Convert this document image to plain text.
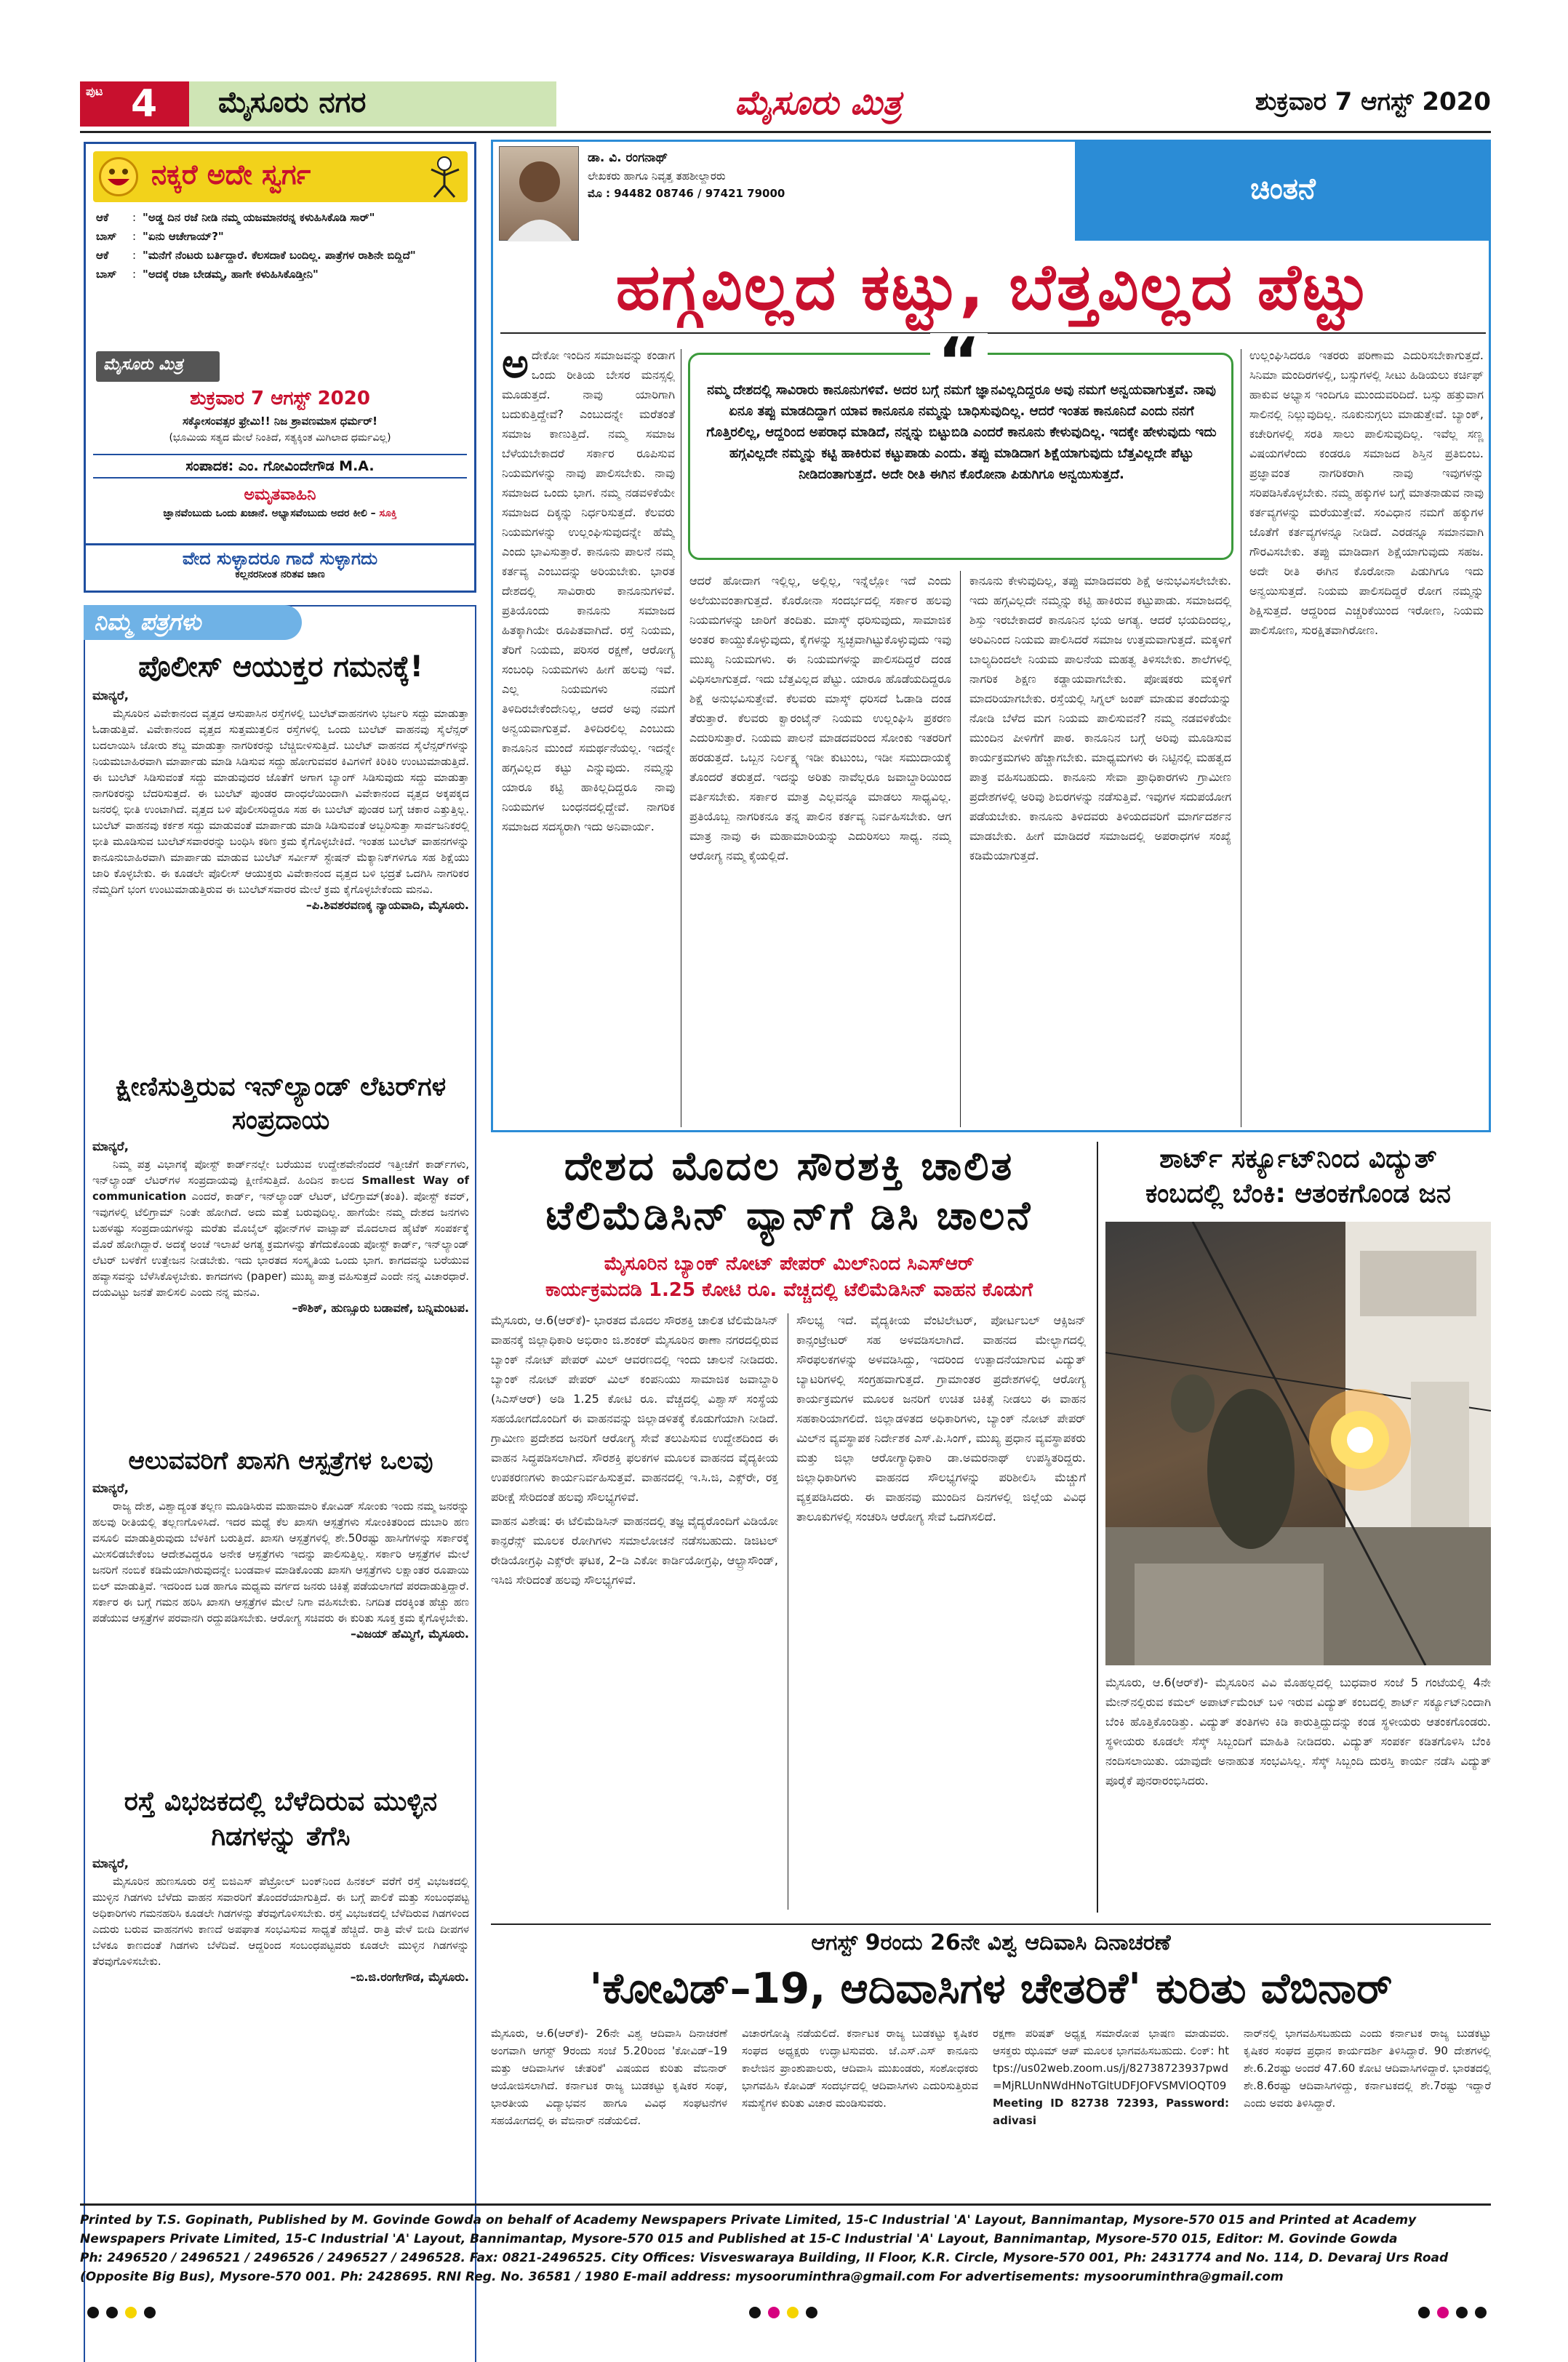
ಪುಟ 4 ಮೈಸೂರು ನಗರ	ಮೈಸೂರು ಮಿತ್ರ	ಶುಕ್ರವಾರ 7 ಆಗಸ್ಟ್ 2020
ನಕ್ಕರೆ ಅದೇ ಸ್ವರ್ಗ
ಆಕೆ	: "ಅಡ್ಡ ದಿನ ರಜೆ ನೀಡಿ ನಮ್ಮ ಯಜಮಾನರನ್ನ ಕಳುಹಿಸಿಕೊಡಿ ಸಾರ್"
ಬಾಸ್	: "ಏನು ಆಚೇಗಾಯ್?"
ಆಕೆ	: "ಮನೆಗೆ ನೆಂಟರು ಬರ್ತಿದ್ದಾರೆ. ಕೆಲಸದಾಕೆ ಬಂದಿಲ್ಲ. ಪಾತ್ರೆಗಳ ರಾಶಿನೇ ಬಿದ್ದಿದೆ"
ಬಾಸ್	: "ಅದಕ್ಕೆ ರಜಾ ಬೇಡಮ್ಮ, ಹಾಗೇ ಕಳುಹಿಸಿಕೊಡ್ತೀನಿ"
ಮೈಸೂರು ಮಿತ್ರ
ಶುಕ್ರವಾರ 7 ಆಗಸ್ಟ್ 2020
ಸಕ್ಕೋಸಂವತ್ಸರ ಫ್ರೇಮಿ!! ನಿಜ ಶ್ರಾವಣಮಾಸ ಧರ್ಮರ್!
(ಭೂಮಿಯ ಸತ್ಯದ ಮೇಲೆ ನಿಂತಿದೆ, ಸತ್ಯಕ್ಕಿಂತ ಮಿಗಿಲಾದ ಧರ್ಮವಿಲ್ಲ)
ಸಂಪಾದಕ: ಎಂ. ಗೋವಿಂದೇಗೌಡ M.A.
ಅಮೃತವಾಹಿನಿ
ಜ್ಞಾನವೆಂಬುದು ಒಂದು ಖಜಾನೆ. ಅಭ್ಯಾಸವೆಂಬುದು ಅದರ ಕೀಲಿ – ಸೂಕ್ತಿ
ವೇದ ಸುಳ್ಳಾದರೂ ಗಾದೆ ಸುಳ್ಳಾಗದು
ಕಲ್ಲನರನೀಂತ ನರಿತವ ಜಾಣ
ನಿಮ್ಮ ಪತ್ರಗಳು
ಪೊಲೀಸ್ ಆಯುಕ್ತರ ಗಮನಕ್ಕೆ!
ಮಾನ್ಯರೆ,
ಮೈಸೂರಿನ ವಿವೇಕಾನಂದ ವೃತ್ತದ ಆಸುಪಾಸಿನ ರಸ್ತೆಗಳಲ್ಲಿ ಬುಲೆಟ್‌ವಾಹನಗಳು ಭರ್ಜರಿ ಸದ್ದು ಮಾಡುತ್ತಾ ಓಡಾಡುತ್ತಿವೆ. ವಿವೇಕಾನಂದ ವೃತ್ತದ ಸುತ್ತಮುತ್ತಲಿನ ರಸ್ತೆಗಳಲ್ಲಿ ಒಂದು ಬುಲೆಟ್ ವಾಹನವು ಸೈಲೆನ್ಸರ್ ಬದಲಾಯಿಸಿ ಜೋರು ಶಬ್ದ ಮಾಡುತ್ತಾ ನಾಗರಿಕರನ್ನು ಬೆಚ್ಚಿಬೀಳಿಸುತ್ತಿದೆ. ಬುಲೆಟ್ ವಾಹನದ ಸೈಲೆನ್ಸರ್‌ಗಳನ್ನು ನಿಯಮಬಾಹಿರವಾಗಿ ಮಾರ್ಪಾಡು ಮಾಡಿ ಸಿಡಿಸುವ ಸದ್ದು ಹೋಗುವವರ ಕಿವಿಗಳಿಗೆ ಕಿರಿಕಿರಿ ಉಂಟುಮಾಡುತ್ತಿದೆ. ಈ ಬುಲೆಟ್ ಸಿಡಿಸುವಂತೆ ಸದ್ದು ಮಾಡುವುದರ ಜೊತೆಗೆ ಅಗಾಗ ಬ್ಯಾಂಗ್ ಸಿಡಿಸುವುದು ಸದ್ದು ಮಾಡುತ್ತಾ ನಾಗರಿಕರನ್ನು ಬೆದರಿಸುತ್ತದೆ. ಈ ಬುಲೆಟ್ ಪುಂಡರ ದಾಂಧಲೆಯಿಂದಾಗಿ ವಿವೇಕಾನಂದ ವೃತ್ತದ ಅಕ್ಕಪಕ್ಕದ ಜನರಲ್ಲಿ ಭೀತಿ ಉಂಟಾಗಿದೆ. ವೃತ್ತದ ಬಳಿ ಪೊಲೀಸರಿದ್ದರೂ ಸಹ ಈ ಬುಲೆಟ್ ಪುಂಡರ ಬಗ್ಗೆ ಚಕಾರ ಎತ್ತುತ್ತಿಲ್ಲ. ಬುಲೆಟ್ ವಾಹನವು ಕರ್ಕಶ ಸದ್ದು ಮಾಡುವಂತೆ ಮಾರ್ಪಾಡು ಮಾಡಿ ಸಿಡಿಸುವಂತೆ ಅಬ್ಬರಿಸುತ್ತಾ ಸಾರ್ವಜನಿಕರಲ್ಲಿ ಭೀತಿ ಮೂಡಿಸುವ ಬುಲೆಟ್‌ಸವಾರರನ್ನು ಬಂಧಿಸಿ ಕಠಿಣ ಕ್ರಮ ಕೈಗೊಳ್ಳಬೇಕಿದೆ. ಇಂತಹ ಬುಲೆಟ್ ವಾಹನಗಳನ್ನು ಕಾನೂನುಬಾಹಿರವಾಗಿ ಮಾರ್ಪಾಡು ಮಾಡುವ ಬುಲೆಟ್ ಸರ್ವೀಸ್ ಸ್ಟೇಷನ್ ಮೆಕ್ಯಾನಿಕ್‌ಗಳಿಗೂ ಸಹ ಶಿಕ್ಷೆಯು ಜಾರಿ ಕೊಳ್ಳಬೇಕು. ಈ ಕೂಡಲೇ ಪೊಲೀಸ್ ಆಯುಕ್ತರು ವಿವೇಕಾನಂದ ವೃತ್ತದ ಬಳಿ ಭದ್ರತೆ ಒದಗಿಸಿ ನಾಗರಿಕರ ನೆಮ್ಮದಿಗೆ ಭಂಗ ಉಂಟುಮಾಡುತ್ತಿರುವ ಈ ಬುಲೆಟ್‌ಸವಾರರ ಮೇಲೆ ಕ್ರಮ ಕೈಗೊಳ್ಳಬೇಕೆಂದು ಮನವಿ.
–ಪಿ.ಶಿವಶರವಣಕ್ಕ ನ್ಯಾಯವಾದಿ, ಮೈಸೂರು.
ಕ್ಷೀಣಿಸುತ್ತಿರುವ ಇನ್‌ಲ್ಯಾಂಡ್ ಲೆಟರ್‌ಗಳ ಸಂಪ್ರದಾಯ
ಮಾನ್ಯರೆ,
ನಿಮ್ಮ ಪತ್ರ ವಿಭಾಗಕ್ಕೆ ಪೋಸ್ಟ್ ಕಾರ್ಡ್‌ನಲ್ಲೇ ಬರೆಯುವ ಉದ್ದೇಶವೇನೆಂದರೆ ಇತ್ತೀಚೆಗೆ ಕಾರ್ಡ್‌ಗಳು, ಇನ್‌ಲ್ಯಾಂಡ್ ಲೆಟರ್‌ಗಳ ಸಂಪ್ರದಾಯವು ಕ್ಷೀಣಿಸುತ್ತಿದೆ. ಹಿಂದಿನ ಕಾಲದ Smallest Way of communication ಎಂದರೆ, ಕಾರ್ಡ್, ಇನ್‌ಲ್ಯಾಂಡ್ ಲೆಟರ್, ಟೆಲಿಗ್ರಾಮ್(ತಂತಿ). ಪೋಸ್ಟ್ ಕವರ್, ಇವುಗಳಲ್ಲಿ ಟೆಲಿಗ್ರಾಮ್ ನಿಂತೇ ಹೋಗಿದೆ. ಅದು ಮತ್ತೆ ಬರುವುದಿಲ್ಲ. ಹಾಗೆಯೇ ನಮ್ಮ ದೇಶದ ಜನಗಳು ಬಹಳಷ್ಟು ಸಂಪ್ರದಾಯಗಳನ್ನು ಮರೆತು ಮೊಬೈಲ್ ಫೋನ್‌ಗಳ ವಾಟ್ಸಾಪ್ ಮೊದಲಾದ ಹೈಟೆಕ್ ಸಂಪರ್ಕಕ್ಕೆ ಮೊರೆ ಹೋಗಿದ್ದಾರೆ. ಅದಕ್ಕೆ ಅಂಚೆ ಇಲಾಖೆ ಅಗತ್ಯ ಕ್ರಮಗಳನ್ನು ತೆಗೆದುಕೊಂಡು ಪೋಸ್ಟ್ ಕಾರ್ಡ್, ಇನ್‌ಲ್ಯಾಂಡ್ ಲೆಟರ್ ಬಳಕೆಗೆ ಉತ್ತೇಜನ ನೀಡಬೇಕು. ಇದು ಭಾರತದ ಸಂಸ್ಕೃತಿಯ ಒಂದು ಭಾಗ. ಕಾಗದವನ್ನು ಬರೆಯುವ ಹವ್ಯಾಸವನ್ನು ಬೆಳೆಸಿಕೊಳ್ಳಬೇಕು. ಕಾಗದಗಳು (paper) ಮುಖ್ಯ ಪಾತ್ರ ವಹಿಸುತ್ತದೆ ಎಂದೇ ನನ್ನ ವಿಚಾರಧಾರೆ. ದಯವಿಟ್ಟು ಜನತೆ ಪಾಲಿಸಲಿ ಎಂದು ನನ್ನ ಮನವಿ.
–ಕೌಶಿಕ್, ಹುಣ್ಸೂರು ಬಡಾವಣೆ, ಬನ್ನಿಮಂಟಪ.
ಆಲುವವರಿಗೆ ಖಾಸಗಿ ಆಸ್ಪತ್ರೆಗಳ ಒಲವು
ಮಾನ್ಯರೆ,
ರಾಜ್ಯ ದೇಶ, ವಿಶ್ವಾದ್ಯಂತ ತಲ್ಲಣ ಮೂಡಿಸಿರುವ ಮಹಾಮಾರಿ ಕೋವಿಡ್ ಸೋಂಕು ಇಂದು ನಮ್ಮ ಜನರನ್ನು ಹಲವು ರೀತಿಯಲ್ಲಿ ತಲ್ಲಣಗೊಳಿಸಿದೆ. ಇದರ ಮಧ್ಯೆ ಕೆಲ ಖಾಸಗಿ ಆಸ್ಪತ್ರೆಗಳು ಸೋಂಕಿತರಿಂದ ದುಬಾರಿ ಹಣ ವಸೂಲಿ ಮಾಡುತ್ತಿರುವುದು ಬೆಳಕಿಗೆ ಬರುತ್ತಿದೆ. ಖಾಸಗಿ ಆಸ್ಪತ್ರೆಗಳಲ್ಲಿ ಶೇ.50ರಷ್ಟು ಹಾಸಿಗೆಗಳನ್ನು ಸರ್ಕಾರಕ್ಕೆ ಮೀಸಲಿಡಬೇಕೆಂಬ ಆದೇಶವಿದ್ದರೂ ಅನೇಕ ಆಸ್ಪತ್ರೆಗಳು ಇದನ್ನು ಪಾಲಿಸುತ್ತಿಲ್ಲ. ಸರ್ಕಾರಿ ಆಸ್ಪತ್ರೆಗಳ ಮೇಲೆ ಜನರಿಗೆ ನಂಬಿಕೆ ಕಡಿಮೆಯಾಗಿರುವುದನ್ನೇ ಬಂಡವಾಳ ಮಾಡಿಕೊಂಡು ಖಾಸಗಿ ಆಸ್ಪತ್ರೆಗಳು ಲಕ್ಷಾಂತರ ರೂಪಾಯಿ ಬಿಲ್ ಮಾಡುತ್ತಿವೆ. ಇದರಿಂದ ಬಡ ಹಾಗೂ ಮಧ್ಯಮ ವರ್ಗದ ಜನರು ಚಿಕಿತ್ಸೆ ಪಡೆಯಲಾಗದೆ ಪರದಾಡುತ್ತಿದ್ದಾರೆ. ಸರ್ಕಾರ ಈ ಬಗ್ಗೆ ಗಮನ ಹರಿಸಿ ಖಾಸಗಿ ಆಸ್ಪತ್ರೆಗಳ ಮೇಲೆ ನಿಗಾ ವಹಿಸಬೇಕು. ನಿಗದಿತ ದರಕ್ಕಿಂತ ಹೆಚ್ಚು ಹಣ ಪಡೆಯುವ ಆಸ್ಪತ್ರೆಗಳ ಪರವಾನಗಿ ರದ್ದುಪಡಿಸಬೇಕು. ಆರೋಗ್ಯ ಸಚಿವರು ಈ ಕುರಿತು ಸೂಕ್ತ ಕ್ರಮ ಕೈಗೊಳ್ಳಬೇಕು.
–ವಿಜಯ್ ಹೆಮ್ಮಿಗೆ, ಮೈಸೂರು.
ರಸ್ತೆ ವಿಭಜಕದಲ್ಲಿ ಬೆಳೆದಿರುವ ಮುಳ್ಳಿನ ಗಿಡಗಳನ್ನು ತೆಗೆಸಿ
ಮಾನ್ಯರೆ,
ಮೈಸೂರಿನ ಹುಣಸೂರು ರಸ್ತೆ ಬಿಜಿಎಸ್ ಪೆಟ್ರೋಲ್ ಬಂಕ್‌ನಿಂದ ಹಿನಕಲ್ ವರೆಗೆ ರಸ್ತೆ ವಿಭಜಕದಲ್ಲಿ ಮುಳ್ಳಿನ ಗಿಡಗಳು ಬೆಳೆದು ವಾಹನ ಸವಾರರಿಗೆ ತೊಂದರೆಯಾಗುತ್ತಿದೆ. ಈ ಬಗ್ಗೆ ಪಾಲಿಕೆ ಮತ್ತು ಸಂಬಂಧಪಟ್ಟ ಅಧಿಕಾರಿಗಳು ಗಮನಹರಿಸಿ ಕೂಡಲೇ ಗಿಡಗಳನ್ನು ತೆರವುಗೊಳಿಸಬೇಕು. ರಸ್ತೆ ವಿಭಜಕದಲ್ಲಿ ಬೆಳೆದಿರುವ ಗಿಡಗಳಿಂದ ಎದುರು ಬರುವ ವಾಹನಗಳು ಕಾಣದೆ ಅಪಘಾತ ಸಂಭವಿಸುವ ಸಾಧ್ಯತೆ ಹೆಚ್ಚಿದೆ. ರಾತ್ರಿ ವೇಳೆ ಬೀದಿ ದೀಪಗಳ ಬೆಳಕೂ ಕಾಣದಂತೆ ಗಿಡಗಳು ಬೆಳೆದಿವೆ. ಆದ್ದರಿಂದ ಸಂಬಂಧಪಟ್ಟವರು ಕೂಡಲೇ ಮುಳ್ಳಿನ ಗಿಡಗಳನ್ನು ತೆರವುಗೊಳಿಸಬೇಕು.
–ಬಿ.ಜಿ.ರಂಗೇಗೌಡ, ಮೈಸೂರು.
ಡಾ. ವಿ. ರಂಗನಾಥ್
ಲೇಖಕರು ಹಾಗೂ ನಿವೃತ್ತ ತಹಶೀಲ್ದಾರರು
ಮೊ : 94482 08746 / 97421 79000	ಚಿಂತನೆ
ಹಗ್ಗವಿಲ್ಲದ ಕಟ್ಟು, ಬೆತ್ತವಿಲ್ಲದ ಪೆಟ್ಟು
“
ನಮ್ಮ ದೇಶದಲ್ಲಿ ಸಾವಿರಾರು ಕಾನೂನುಗಳಿವೆ. ಅದರ ಬಗ್ಗೆ ನಮಗೆ ಜ್ಞಾನವಿಲ್ಲದಿದ್ದರೂ ಅವು ನಮಗೆ ಅನ್ವಯವಾಗುತ್ತವೆ. ನಾವು ಏನೂ ತಪ್ಪು ಮಾಡದಿದ್ದಾಗ ಯಾವ ಕಾನೂನೂ ನಮ್ಮನ್ನು ಬಾಧಿಸುವುದಿಲ್ಲ. ಆದರೆ ಇಂತಹ ಕಾನೂನಿದೆ ಎಂದು ನನಗೆ ಗೊತ್ತಿರಲಿಲ್ಲ, ಆದ್ದರಿಂದ ಅಪರಾಧ ಮಾಡಿದೆ, ನನ್ನನ್ನು ಬಿಟ್ಟುಬಿಡಿ ಎಂದರೆ ಕಾನೂನು ಕೇಳುವುದಿಲ್ಲ. ಇದಕ್ಕೇ ಹೇಳುವುದು ಇದು ಹಗ್ಗವಿಲ್ಲದೇ ನಮ್ಮನ್ನು ಕಟ್ಟಿ ಹಾಕಿರುವ ಕಟ್ಟುಪಾಡು ಎಂದು. ತಪ್ಪು ಮಾಡಿದಾಗ ಶಿಕ್ಷೆಯಾಗುವುದು ಬೆತ್ತವಿಲ್ಲದೇ ಪೆಟ್ಟು ನೀಡಿದಂತಾಗುತ್ತದೆ. ಅದೇ ರೀತಿ ಈಗಿನ ಕೊರೋನಾ ಪಿಡುಗಿಗೂ ಅನ್ವಯಿಸುತ್ತದೆ.
ಅ ದೇಕೋ ಇಂದಿನ ಸಮಾಜವನ್ನು ಕಂಡಾಗ ಒಂದು ರೀತಿಯ ಬೇಸರ ಮನಸ್ಸಲ್ಲಿ ಮೂಡುತ್ತದೆ. ನಾವು ಯಾರಿಗಾಗಿ ಬದುಕುತ್ತಿದ್ದೇವೆ? ಎಂಬುದನ್ನೇ ಮರೆತಂತೆ ಸಮಾಜ ಕಾಣುತ್ತಿದೆ. ನಮ್ಮ ಸಮಾಜ ಬೆಳೆಯಬೇಕಾದರೆ ಸರ್ಕಾರ ರೂಪಿಸುವ ನಿಯಮಗಳನ್ನು ನಾವು ಪಾಲಿಸಬೇಕು. ನಾವು ಸಮಾಜದ ಒಂದು ಭಾಗ. ನಮ್ಮ ನಡವಳಿಕೆಯೇ ಸಮಾಜದ ದಿಕ್ಕನ್ನು ನಿರ್ಧರಿಸುತ್ತದೆ. ಕೆಲವರು ನಿಯಮಗಳನ್ನು ಉಲ್ಲಂಘಿಸುವುದನ್ನೇ ಹೆಮ್ಮೆ ಎಂದು ಭಾವಿಸುತ್ತಾರೆ. ಕಾನೂನು ಪಾಲನೆ ನಮ್ಮ ಕರ್ತವ್ಯ ಎಂಬುದನ್ನು ಅರಿಯಬೇಕು. ಭಾರತ ದೇಶದಲ್ಲಿ ಸಾವಿರಾರು ಕಾನೂನುಗಳಿವೆ. ಪ್ರತಿಯೊಂದು ಕಾನೂನು ಸಮಾಜದ ಹಿತಕ್ಕಾಗಿಯೇ ರೂಪಿತವಾಗಿದೆ. ರಸ್ತೆ ನಿಯಮ, ತೆರಿಗೆ ನಿಯಮ, ಪರಿಸರ ರಕ್ಷಣೆ, ಆರೋಗ್ಯ ಸಂಬಂಧಿ ನಿಯಮಗಳು ಹೀಗೆ ಹಲವು ಇವೆ. ಎಲ್ಲ ನಿಯಮಗಳು ನಮಗೆ ತಿಳಿದಿರಬೇಕೆಂದೇನಿಲ್ಲ, ಆದರೆ ಅವು ನಮಗೆ ಅನ್ವಯವಾಗುತ್ತವೆ. ತಿಳಿದಿರಲಿಲ್ಲ ಎಂಬುದು ಕಾನೂನಿನ ಮುಂದೆ ಸಮರ್ಥನೆಯಲ್ಲ. ಇದನ್ನೇ ಹಗ್ಗವಿಲ್ಲದ ಕಟ್ಟು ಎನ್ನುವುದು. ನಮ್ಮನ್ನು ಯಾರೂ ಕಟ್ಟಿ ಹಾಕಿಲ್ಲದಿದ್ದರೂ ನಾವು ನಿಯಮಗಳ ಬಂಧನದಲ್ಲಿದ್ದೇವೆ. ನಾಗರಿಕ ಸಮಾಜದ ಸದಸ್ಯರಾಗಿ ಇದು ಅನಿವಾರ್ಯ.
ಆದರೆ ಹೋದಾಗ ಇಲ್ಲಿಲ್ಲ, ಅಲ್ಲಿಲ್ಲ, ಇನ್ನೆಲ್ಲೋ ಇದೆ ಎಂದು ಅಲೆಯುವಂತಾಗುತ್ತದೆ. ಕೊರೋನಾ ಸಂದರ್ಭದಲ್ಲಿ ಸರ್ಕಾರ ಹಲವು ನಿಯಮಗಳನ್ನು ಜಾರಿಗೆ ತಂದಿತು. ಮಾಸ್ಕ್ ಧರಿಸುವುದು, ಸಾಮಾಜಿಕ ಅಂತರ ಕಾಯ್ದುಕೊಳ್ಳುವುದು, ಕೈಗಳನ್ನು ಸ್ವಚ್ಛವಾಗಿಟ್ಟುಕೊಳ್ಳುವುದು ಇವು ಮುಖ್ಯ ನಿಯಮಗಳು. ಈ ನಿಯಮಗಳನ್ನು ಪಾಲಿಸದಿದ್ದರೆ ದಂಡ ವಿಧಿಸಲಾಗುತ್ತದೆ. ಇದು ಬೆತ್ತವಿಲ್ಲದ ಪೆಟ್ಟು. ಯಾರೂ ಹೊಡೆಯದಿದ್ದರೂ ಶಿಕ್ಷೆ ಅನುಭವಿಸುತ್ತೇವೆ. ಕೆಲವರು ಮಾಸ್ಕ್ ಧರಿಸದೆ ಓಡಾಡಿ ದಂಡ ತೆರುತ್ತಾರೆ. ಕೆಲವರು ಕ್ವಾರಂಟೈನ್ ನಿಯಮ ಉಲ್ಲಂಘಿಸಿ ಪ್ರಕರಣ ಎದುರಿಸುತ್ತಾರೆ. ನಿಯಮ ಪಾಲನೆ ಮಾಡದವರಿಂದ ಸೋಂಕು ಇತರರಿಗೆ ಹರಡುತ್ತದೆ. ಒಬ್ಬನ ನಿರ್ಲಕ್ಷ್ಯ ಇಡೀ ಕುಟುಂಬ, ಇಡೀ ಸಮುದಾಯಕ್ಕೆ ತೊಂದರೆ ತರುತ್ತದೆ. ಇದನ್ನು ಅರಿತು ನಾವೆಲ್ಲರೂ ಜವಾಬ್ದಾರಿಯಿಂದ ವರ್ತಿಸಬೇಕು. ಸರ್ಕಾರ ಮಾತ್ರ ಎಲ್ಲವನ್ನೂ ಮಾಡಲು ಸಾಧ್ಯವಿಲ್ಲ. ಪ್ರತಿಯೊಬ್ಬ ನಾಗರಿಕನೂ ತನ್ನ ಪಾಲಿನ ಕರ್ತವ್ಯ ನಿರ್ವಹಿಸಬೇಕು. ಆಗ ಮಾತ್ರ ನಾವು ಈ ಮಹಾಮಾರಿಯನ್ನು ಎದುರಿಸಲು ಸಾಧ್ಯ. ನಮ್ಮ ಆರೋಗ್ಯ ನಮ್ಮ ಕೈಯಲ್ಲಿದೆ.
ಕಾನೂನು ಕೇಳುವುದಿಲ್ಲ, ತಪ್ಪು ಮಾಡಿದವರು ಶಿಕ್ಷೆ ಅನುಭವಿಸಲೇಬೇಕು. ಇದು ಹಗ್ಗವಿಲ್ಲದೇ ನಮ್ಮನ್ನು ಕಟ್ಟಿ ಹಾಕಿರುವ ಕಟ್ಟುಪಾಡು. ಸಮಾಜದಲ್ಲಿ ಶಿಸ್ತು ಇರಬೇಕಾದರೆ ಕಾನೂನಿನ ಭಯ ಅಗತ್ಯ. ಆದರೆ ಭಯದಿಂದಲ್ಲ, ಅರಿವಿನಿಂದ ನಿಯಮ ಪಾಲಿಸಿದರೆ ಸಮಾಜ ಉತ್ತಮವಾಗುತ್ತದೆ. ಮಕ್ಕಳಿಗೆ ಬಾಲ್ಯದಿಂದಲೇ ನಿಯಮ ಪಾಲನೆಯ ಮಹತ್ವ ತಿಳಿಸಬೇಕು. ಶಾಲೆಗಳಲ್ಲಿ ನಾಗರಿಕ ಶಿಕ್ಷಣ ಕಡ್ಡಾಯವಾಗಬೇಕು. ಪೋಷಕರು ಮಕ್ಕಳಿಗೆ ಮಾದರಿಯಾಗಬೇಕು. ರಸ್ತೆಯಲ್ಲಿ ಸಿಗ್ನಲ್ ಜಂಪ್ ಮಾಡುವ ತಂದೆಯನ್ನು ನೋಡಿ ಬೆಳೆದ ಮಗ ನಿಯಮ ಪಾಲಿಸುವನೆ? ನಮ್ಮ ನಡವಳಿಕೆಯೇ ಮುಂದಿನ ಪೀಳಿಗೆಗೆ ಪಾಠ. ಕಾನೂನಿನ ಬಗ್ಗೆ ಅರಿವು ಮೂಡಿಸುವ ಕಾರ್ಯಕ್ರಮಗಳು ಹೆಚ್ಚಾಗಬೇಕು. ಮಾಧ್ಯಮಗಳು ಈ ನಿಟ್ಟಿನಲ್ಲಿ ಮಹತ್ವದ ಪಾತ್ರ ವಹಿಸಬಹುದು. ಕಾನೂನು ಸೇವಾ ಪ್ರಾಧಿಕಾರಗಳು ಗ್ರಾಮೀಣ ಪ್ರದೇಶಗಳಲ್ಲಿ ಅರಿವು ಶಿಬಿರಗಳನ್ನು ನಡೆಸುತ್ತಿವೆ. ಇವುಗಳ ಸದುಪಯೋಗ ಪಡೆಯಬೇಕು. ಕಾನೂನು ತಿಳಿದವರು ತಿಳಿಯದವರಿಗೆ ಮಾರ್ಗದರ್ಶನ ಮಾಡಬೇಕು. ಹೀಗೆ ಮಾಡಿದರೆ ಸಮಾಜದಲ್ಲಿ ಅಪರಾಧಗಳ ಸಂಖ್ಯೆ ಕಡಿಮೆಯಾಗುತ್ತದೆ.
ಉಲ್ಲಂಘಿಸಿದರೂ ಇತರರು ಪರಿಣಾಮ ಎದುರಿಸಬೇಕಾಗುತ್ತದೆ. ಸಿನಿಮಾ ಮಂದಿರಗಳಲ್ಲಿ, ಬಸ್ಸುಗಳಲ್ಲಿ ಸೀಟು ಹಿಡಿಯಲು ಕರ್ಚಿಫ್ ಹಾಕುವ ಅಭ್ಯಾಸ ಇಂದಿಗೂ ಮುಂದುವರಿದಿದೆ. ಬಸ್ಸು ಹತ್ತುವಾಗ ಸಾಲಿನಲ್ಲಿ ನಿಲ್ಲುವುದಿಲ್ಲ. ನೂಕುನುಗ್ಗಲು ಮಾಡುತ್ತೇವೆ. ಬ್ಯಾಂಕ್, ಕಚೇರಿಗಳಲ್ಲಿ ಸರತಿ ಸಾಲು ಪಾಲಿಸುವುದಿಲ್ಲ. ಇವೆಲ್ಲ ಸಣ್ಣ ವಿಷಯಗಳೆಂದು ಕಂಡರೂ ಸಮಾಜದ ಶಿಸ್ತಿನ ಪ್ರತಿಬಿಂಬ. ಪ್ರಜ್ಞಾವಂತ ನಾಗರಿಕರಾಗಿ ನಾವು ಇವುಗಳನ್ನು ಸರಿಪಡಿಸಿಕೊಳ್ಳಬೇಕು. ನಮ್ಮ ಹಕ್ಕುಗಳ ಬಗ್ಗೆ ಮಾತನಾಡುವ ನಾವು ಕರ್ತವ್ಯಗಳನ್ನು ಮರೆಯುತ್ತೇವೆ. ಸಂವಿಧಾನ ನಮಗೆ ಹಕ್ಕುಗಳ ಜೊತೆಗೆ ಕರ್ತವ್ಯಗಳನ್ನೂ ನೀಡಿದೆ. ಎರಡನ್ನೂ ಸಮಾನವಾಗಿ ಗೌರವಿಸಬೇಕು. ತಪ್ಪು ಮಾಡಿದಾಗ ಶಿಕ್ಷೆಯಾಗುವುದು ಸಹಜ. ಅದೇ ರೀತಿ ಈಗಿನ ಕೊರೋನಾ ಪಿಡುಗಿಗೂ ಇದು ಅನ್ವಯಿಸುತ್ತದೆ. ನಿಯಮ ಪಾಲಿಸದಿದ್ದರೆ ರೋಗ ನಮ್ಮನ್ನು ಶಿಕ್ಷಿಸುತ್ತದೆ. ಆದ್ದರಿಂದ ಎಚ್ಚರಿಕೆಯಿಂದ ಇರೋಣ, ನಿಯಮ ಪಾಲಿಸೋಣ, ಸುರಕ್ಷಿತವಾಗಿರೋಣ.
ದೇಶದ ಮೊದಲ ಸೌರಶಕ್ತಿ ಚಾಲಿತ
ಟೆಲಿಮೆಡಿಸಿನ್ ವ್ಯಾನ್‌ಗೆ ಡಿಸಿ ಚಾಲನೆ
ಮೈಸೂರಿನ ಬ್ಯಾಂಕ್ ನೋಟ್ ಪೇಪರ್ ಮಿಲ್‌ನಿಂದ ಸಿಎಸ್‌ಆರ್
ಕಾರ್ಯಕ್ರಮದಡಿ 1.25 ಕೋಟಿ ರೂ. ವೆಚ್ಚದಲ್ಲಿ ಟೆಲಿಮೆಡಿಸಿನ್ ವಾಹನ ಕೊಡುಗೆ
ಮೈಸೂರು, ಆ.6(ಆರ್‌ಕೆ)- ಭಾರತದ ಮೊದಲ ಸೌರಶಕ್ತಿ ಚಾಲಿತ ಟೆಲಿಮೆಡಿಸಿನ್ ವಾಹನಕ್ಕೆ ಜಿಲ್ಲಾಧಿಕಾರಿ ಅಭಿರಾಂ ಜಿ.ಶಂಕರ್ ಮೈಸೂರಿನ ಠಾಣಾ ನಗರದಲ್ಲಿರುವ ಬ್ಯಾಂಕ್ ನೋಟ್ ಪೇಪರ್ ಮಿಲ್ ಆವರಣದಲ್ಲಿ ಇಂದು ಚಾಲನೆ ನೀಡಿದರು. ಬ್ಯಾಂಕ್ ನೋಟ್ ಪೇಪರ್ ಮಿಲ್ ಕಂಪನಿಯು ಸಾಮಾಜಿಕ ಜವಾಬ್ದಾರಿ (ಸಿಎಸ್‌ಆರ್) ಅಡಿ 1.25 ಕೋಟಿ ರೂ. ವೆಚ್ಚದಲ್ಲಿ ವಿಶ್ವಾಸ್ ಸಂಸ್ಥೆಯ ಸಹಯೋಗದೊಂದಿಗೆ ಈ ವಾಹನವನ್ನು ಜಿಲ್ಲಾಡಳಿತಕ್ಕೆ ಕೊಡುಗೆಯಾಗಿ ನೀಡಿದೆ. ಗ್ರಾಮೀಣ ಪ್ರದೇಶದ ಜನರಿಗೆ ಆರೋಗ್ಯ ಸೇವೆ ತಲುಪಿಸುವ ಉದ್ದೇಶದಿಂದ ಈ ವಾಹನ ಸಿದ್ಧಪಡಿಸಲಾಗಿದೆ. ಸೌರಶಕ್ತಿ ಫಲಕಗಳ ಮೂಲಕ ವಾಹನದ ವೈದ್ಯಕೀಯ ಉಪಕರಣಗಳು ಕಾರ್ಯನಿರ್ವಹಿಸುತ್ತವೆ. ವಾಹನದಲ್ಲಿ ಇ.ಸಿ.ಜಿ, ಎಕ್ಸ್‌ರೇ, ರಕ್ತ ಪರೀಕ್ಷೆ ಸೇರಿದಂತೆ ಹಲವು ಸೌಲಭ್ಯಗಳಿವೆ.
ವಾಹನ ವಿಶೇಷ: ಈ ಟೆಲಿಮೆಡಿಸಿನ್ ವಾಹನದಲ್ಲಿ ತಜ್ಞ ವೈದ್ಯರೊಂದಿಗೆ ವಿಡಿಯೋ ಕಾನ್ಫರೆನ್ಸ್ ಮೂಲಕ ರೋಗಿಗಳು ಸಮಾಲೋಚನೆ ನಡೆಸಬಹುದು. ಡಿಜಿಟಲ್ ರೇಡಿಯೋಗ್ರಫಿ ಎಕ್ಸ್‌ರೇ ಘಟಕ, 2–ಡಿ ಎಕೋ ಕಾರ್ಡಿಯೋಗ್ರಫಿ, ಆಲ್ಟ್ರಾಸೌಂಡ್, ಇಸಿಜಿ ಸೇರಿದಂತೆ ಹಲವು ಸೌಲಭ್ಯಗಳಿವೆ.
ಸೌಲಭ್ಯ ಇದೆ. ವೈದ್ಯಕೀಯ ವೆಂಟಿಲೇಟರ್, ಪೋರ್ಟಬಲ್ ಆಕ್ಸಿಜನ್ ಕಾನ್ಸಂಟ್ರೇಟರ್ ಸಹ ಅಳವಡಿಸಲಾಗಿದೆ. ವಾಹನದ ಮೇಲ್ಭಾಗದಲ್ಲಿ ಸೌರಫಲಕಗಳನ್ನು ಅಳವಡಿಸಿದ್ದು, ಇದರಿಂದ ಉತ್ಪಾದನೆಯಾಗುವ ವಿದ್ಯುತ್ ಬ್ಯಾಟರಿಗಳಲ್ಲಿ ಸಂಗ್ರಹವಾಗುತ್ತದೆ. ಗ್ರಾಮಾಂತರ ಪ್ರದೇಶಗಳಲ್ಲಿ ಆರೋಗ್ಯ ಕಾರ್ಯಕ್ರಮಗಳ ಮೂಲಕ ಜನರಿಗೆ ಉಚಿತ ಚಿಕಿತ್ಸೆ ನೀಡಲು ಈ ವಾಹನ ಸಹಕಾರಿಯಾಗಲಿದೆ. ಜಿಲ್ಲಾಡಳಿತದ ಅಧಿಕಾರಿಗಳು, ಬ್ಯಾಂಕ್ ನೋಟ್ ಪೇಪರ್ ಮಿಲ್‌ನ ವ್ಯವಸ್ಥಾಪಕ ನಿರ್ದೇಶಕ ಎಸ್.ಪಿ.ಸಿಂಗ್, ಮುಖ್ಯ ಪ್ರಧಾನ ವ್ಯವಸ್ಥಾಪಕರು ಮತ್ತು ಜಿಲ್ಲಾ ಆರೋಗ್ಯಾಧಿಕಾರಿ ಡಾ.ಅಮರನಾಥ್ ಉಪಸ್ಥಿತರಿದ್ದರು. ಜಿಲ್ಲಾಧಿಕಾರಿಗಳು ವಾಹನದ ಸೌಲಭ್ಯಗಳನ್ನು ಪರಿಶೀಲಿಸಿ ಮೆಚ್ಚುಗೆ ವ್ಯಕ್ತಪಡಿಸಿದರು. ಈ ವಾಹನವು ಮುಂದಿನ ದಿನಗಳಲ್ಲಿ ಜಿಲ್ಲೆಯ ವಿವಿಧ ತಾಲೂಕುಗಳಲ್ಲಿ ಸಂಚರಿಸಿ ಆರೋಗ್ಯ ಸೇವೆ ಒದಗಿಸಲಿದೆ.
ಶಾರ್ಟ್ ಸರ್ಕ್ಯೂಟ್‌ನಿಂದ ವಿದ್ಯುತ್
ಕಂಬದಲ್ಲಿ ಬೆಂಕಿ: ಆತಂಕಗೊಂಡ ಜನ
ಮೈಸೂರು, ಆ.6(ಆರ್‌ಕೆ)- ಮೈಸೂರಿನ ವಿವಿ ಮೊಹಲ್ಲದಲ್ಲಿ ಬುಧವಾರ ಸಂಜೆ 5 ಗಂಟೆಯಲ್ಲಿ 4ನೇ ಮೇನ್‌ನಲ್ಲಿರುವ ಕಮಲ್ ಅಪಾರ್ಟ್‌ಮೆಂಟ್ ಬಳಿ ಇರುವ ವಿದ್ಯುತ್ ಕಂಬದಲ್ಲಿ ಶಾರ್ಟ್ ಸರ್ಕ್ಯೂಟ್‌ನಿಂದಾಗಿ ಬೆಂಕಿ ಹೊತ್ತಿಕೊಂಡಿತ್ತು. ವಿದ್ಯುತ್ ತಂತಿಗಳು ಕಿಡಿ ಕಾರುತ್ತಿದ್ದುದನ್ನು ಕಂಡ ಸ್ಥಳೀಯರು ಆತಂಕಗೊಂಡರು. ಸ್ಥಳೀಯರು ಕೂಡಲೇ ಸೆಸ್ಕ್ ಸಿಬ್ಬಂದಿಗೆ ಮಾಹಿತಿ ನೀಡಿದರು. ವಿದ್ಯುತ್ ಸಂಪರ್ಕ ಕಡಿತಗೊಳಿಸಿ ಬೆಂಕಿ ನಂದಿಸಲಾಯಿತು. ಯಾವುದೇ ಅನಾಹುತ ಸಂಭವಿಸಿಲ್ಲ. ಸೆಸ್ಕ್ ಸಿಬ್ಬಂದಿ ದುರಸ್ತಿ ಕಾರ್ಯ ನಡೆಸಿ ವಿದ್ಯುತ್ ಪೂರೈಕೆ ಪುನರಾರಂಭಿಸಿದರು.
ಆಗಸ್ಟ್ 9ರಂದು 26ನೇ ವಿಶ್ವ ಆದಿವಾಸಿ ದಿನಾಚರಣೆ
'ಕೋವಿಡ್–19, ಆದಿವಾಸಿಗಳ ಚೇತರಿಕೆ' ಕುರಿತು ವೆಬಿನಾರ್
ಮೈಸೂರು, ಆ.6(ಆರ್‌ಕೆ)- 26ನೇ ವಿಶ್ವ ಆದಿವಾಸಿ ದಿನಾಚರಣೆ ಅಂಗವಾಗಿ ಆಗಸ್ಟ್ 9ರಂದು ಸಂಜೆ 5.20ರಿಂದ 'ಕೋವಿಡ್–19 ಮತ್ತು ಆದಿವಾಸಿಗಳ ಚೇತರಿಕೆ' ವಿಷಯದ ಕುರಿತು ವೆಬಿನಾರ್ ಆಯೋಜಿಸಲಾಗಿದೆ. ಕರ್ನಾಟಕ ರಾಜ್ಯ ಬುಡಕಟ್ಟು ಕೃಷಿಕರ ಸಂಘ, ಭಾರತೀಯ ವಿದ್ಯಾಭವನ ಹಾಗೂ ವಿವಿಧ ಸಂಘಟನೆಗಳ ಸಹಯೋಗದಲ್ಲಿ ಈ ವೆಬಿನಾರ್ ನಡೆಯಲಿದೆ.
ವಿಚಾರಗೋಷ್ಠಿ ನಡೆಯಲಿದೆ. ಕರ್ನಾಟಕ ರಾಜ್ಯ ಬುಡಕಟ್ಟು ಕೃಷಿಕರ ಸಂಘದ ಅಧ್ಯಕ್ಷರು ಉದ್ಘಾಟಿಸುವರು. ಜೆ.ಎಸ್.ಎಸ್ ಕಾನೂನು ಕಾಲೇಜಿನ ಪ್ರಾಂಶುಪಾಲರು, ಆದಿವಾಸಿ ಮುಖಂಡರು, ಸಂಶೋಧಕರು ಭಾಗವಹಿಸಿ ಕೋವಿಡ್ ಸಂದರ್ಭದಲ್ಲಿ ಆದಿವಾಸಿಗಳು ಎದುರಿಸುತ್ತಿರುವ ಸಮಸ್ಯೆಗಳ ಕುರಿತು ವಿಚಾರ ಮಂಡಿಸುವರು.
ರಕ್ಷಣಾ ಪರಿಷತ್ ಅಧ್ಯಕ್ಷ ಸಮಾರೋಪ ಭಾಷಣ ಮಾಡುವರು. ಆಸಕ್ತರು ಝೂಮ್ ಆಪ್ ಮೂಲಕ ಭಾಗವಹಿಸಬಹುದು. ಲಿಂಕ್: https://us02web.zoom.us/j/82738723937pwd=MjRLUnNWdHNoTGltUDFJOFVSMVlOQT09 Meeting ID 82738 72393, Password: adivasi
ನಾರ್‌ನಲ್ಲಿ ಭಾಗವಹಿಸಬಹುದು ಎಂದು ಕರ್ನಾಟಕ ರಾಜ್ಯ ಬುಡಕಟ್ಟು ಕೃಷಿಕರ ಸಂಘದ ಪ್ರಧಾನ ಕಾರ್ಯದರ್ಶಿ ತಿಳಿಸಿದ್ದಾರೆ. 90 ದೇಶಗಳಲ್ಲಿ ಶೇ.6.2ರಷ್ಟು ಅಂದರೆ 47.60 ಕೋಟಿ ಆದಿವಾಸಿಗಳಿದ್ದಾರೆ. ಭಾರತದಲ್ಲಿ ಶೇ.8.6ರಷ್ಟು ಆದಿವಾಸಿಗಳಿದ್ದು, ಕರ್ನಾಟಕದಲ್ಲಿ ಶೇ.7ರಷ್ಟು ಇದ್ದಾರೆ ಎಂದು ಅವರು ತಿಳಿಸಿದ್ದಾರೆ.
Printed by T.S. Gopinath, Published by M. Govinde Gowda on behalf of Academy Newspapers Private Limited, 15-C Industrial 'A' Layout, Bannimantap, Mysore-570 015 and Printed at Academy
Newspapers Private Limited, 15-C Industrial 'A' Layout, Bannimantap, Mysore-570 015 and Published at 15-C Industrial 'A' Layout, Bannimantap, Mysore-570 015, Editor: M. Govinde Gowda
Ph: 2496520 / 2496521 / 2496526 / 2496527 / 2496528. Fax: 0821-2496525. City Offices: Visveswaraya Building, II Floor, K.R. Circle, Mysore-570 001, Ph: 2431774 and No. 114, D. Devaraj Urs Road
(Opposite Big Bus), Mysore-570 001. Ph: 2428695. RNI Reg. No. 36581 / 1980 E-mail address: mysooruminthra@gmail.com For advertisements: mysooruminthra@gmail.com
